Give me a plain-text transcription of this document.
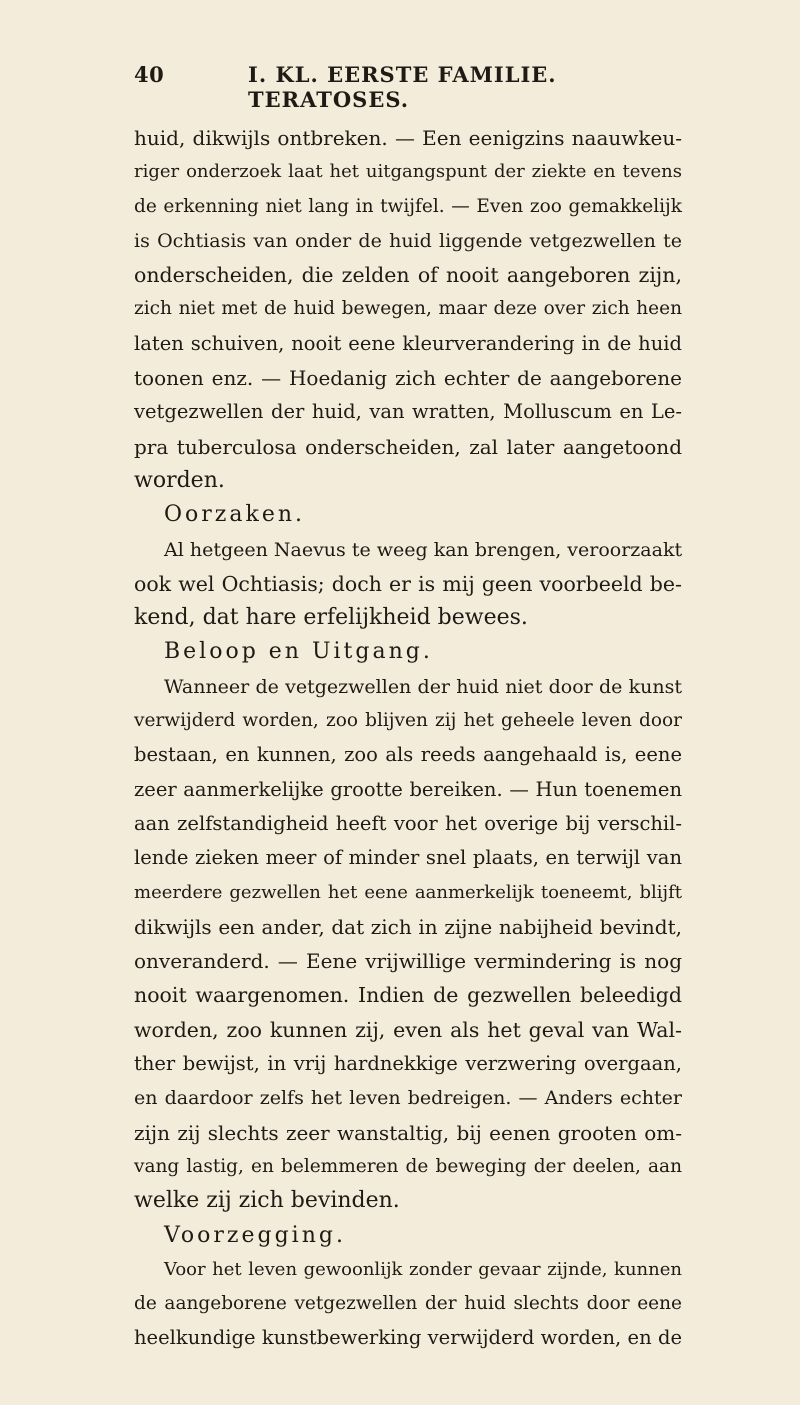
40	I. KL. EERSTE FAMILIE. TERATOSES.
huid, dikwijls ontbreken. — Een eenigzins naauwkeu-
riger onderzoek laat het uitgangspunt der ziekte en tevens
de erkenning niet lang in twijfel. — Even zoo gemakkelijk
is Ochtiasis van onder de huid liggende vetgezwellen te
onderscheiden, die zelden of nooit aangeboren zijn,
zich niet met de huid bewegen, maar deze over zich heen
laten schuiven, nooit eene kleurverandering in de huid
toonen enz. — Hoedanig zich echter de aangeborene
vetgezwellen der huid, van wratten, Molluscum en Le-
pra tuberculosa onderscheiden, zal later aangetoond
worden.
Oorzaken.
Al hetgeen Naevus te weeg kan brengen, veroorzaakt
ook wel Ochtiasis; doch er is mij geen voorbeeld be-
kend, dat hare erfelijkheid bewees.
Beloop en Uitgang.
Wanneer de vetgezwellen der huid niet door de kunst
verwijderd worden, zoo blijven zij het geheele leven door
bestaan, en kunnen, zoo als reeds aangehaald is, eene
zeer aanmerkelijke grootte bereiken. — Hun toenemen
aan zelfstandigheid heeft voor het overige bij verschil-
lende zieken meer of minder snel plaats, en terwijl van
meerdere gezwellen het eene aanmerkelijk toeneemt, blijft
dikwijls een ander, dat zich in zijne nabijheid bevindt,
onveranderd. — Eene vrijwillige vermindering is nog
nooit waargenomen. Indien de gezwellen beleedigd
worden, zoo kunnen zij, even als het geval van Wal-
ther bewijst, in vrij hardnekkige verzwering overgaan,
en daardoor zelfs het leven bedreigen. — Anders echter
zijn zij slechts zeer wanstaltig, bij eenen grooten om-
vang lastig, en belemmeren de beweging der deelen, aan
welke zij zich bevinden.
Voorzegging.
Voor het leven gewoonlijk zonder gevaar zijnde, kunnen
de aangeborene vetgezwellen der huid slechts door eene
heelkundige kunstbewerking verwijderd worden, en de
